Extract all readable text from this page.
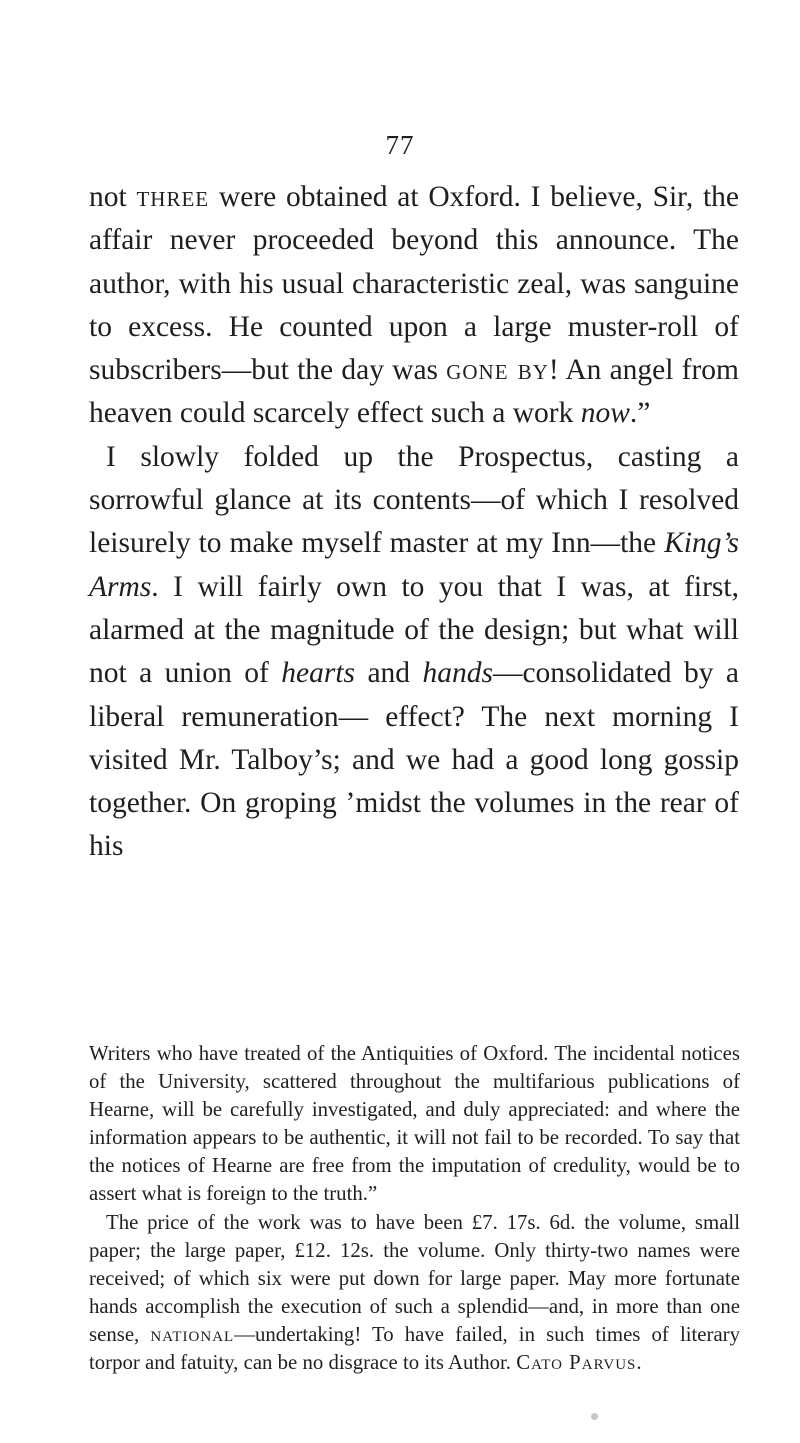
77

not three were obtained at Oxford. I believe, Sir, the affair never proceeded beyond this announce. The author, with his usual characteristic zeal, was sanguine to excess. He counted upon a large muster-roll of subscribers—but the day was gone by! An angel from heaven could scarcely effect such a work now.”

I slowly folded up the Prospectus, casting a sorrowful glance at its contents—of which I resolved leisurely to make myself master at my Inn—the King’s Arms. I will fairly own to you that I was, at first, alarmed at the magnitude of the design; but what will not a union of hearts and hands—consolidated by a liberal remuneration— effect? The next morning I visited Mr. Talboy’s; and we had a good long gossip together. On groping ’midst the volumes in the rear of his

Writers who have treated of the Antiquities of Oxford. The incidental notices of the University, scattered throughout the multifarious publications of Hearne, will be carefully investigated, and duly appreciated: and where the information appears to be authentic, it will not fail to be recorded. To say that the notices of Hearne are free from the imputation of credulity, would be to assert what is foreign to the truth.”

The price of the work was to have been £7. 17s. 6d. the volume, small paper; the large paper, £12. 12s. the volume. Only thirty-two names were received; of which six were put down for large paper. May more fortunate hands accomplish the execution of such a splendid—and, in more than one sense, national—undertaking! To have failed, in such times of literary torpor and fatuity, can be no disgrace to its Author. Cato Parvus.
